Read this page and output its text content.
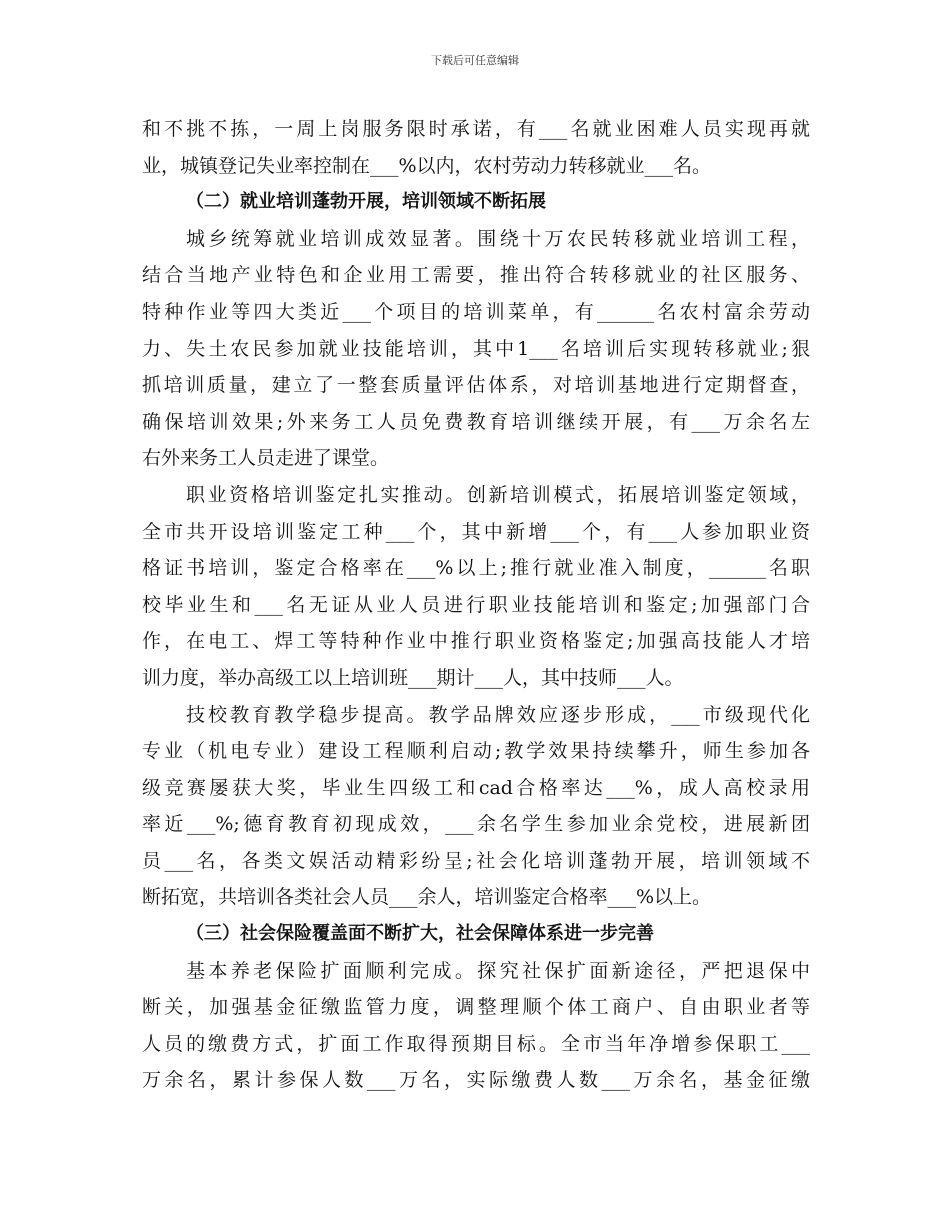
下载后可任意编辑
和不挑不拣，一周上岗服务限时承诺，有___名就业困难人员实现再就
业，城镇登记失业率控制在___%以内，农村劳动力转移就业___名。
（二）就业培训蓬勃开展，培训领域不断拓展
城乡统筹就业培训成效显著。围绕十万农民转移就业培训工程，
结合当地产业特色和企业用工需要，推出符合转移就业的社区服务、
特种作业等四大类近___个项目的培训菜单，有______名农村富余劳动
力、失土农民参加就业技能培训，其中1___名培训后实现转移就业;狠
抓培训质量，建立了一整套质量评估体系，对培训基地进行定期督查，
确保培训效果;外来务工人员免费教育培训继续开展，有___万余名左
右外来务工人员走进了课堂。
职业资格培训鉴定扎实推动。创新培训模式，拓展培训鉴定领域，
全市共开设培训鉴定工种___个，其中新增___个，有___人参加职业资
格证书培训，鉴定合格率在___%以上;推行就业准入制度，______名职
校毕业生和___名无证从业人员进行职业技能培训和鉴定;加强部门合
作，在电工、焊工等特种作业中推行职业资格鉴定;加强高技能人才培
训力度，举办高级工以上培训班___期计___人，其中技师___人。
技校教育教学稳步提高。教学品牌效应逐步形成，___市级现代化
专业（机电专业）建设工程顺利启动;教学效果持续攀升，师生参加各
级竞赛屡获大奖，毕业生四级工和cad合格率达___%，成人高校录用
率近___%;德育教育初现成效，___余名学生参加业余党校，进展新团
员___名，各类文娱活动精彩纷呈;社会化培训蓬勃开展，培训领域不
断拓宽，共培训各类社会人员___余人，培训鉴定合格率___%以上。
（三）社会保险覆盖面不断扩大，社会保障体系进一步完善
基本养老保险扩面顺利完成。探究社保扩面新途径，严把退保中
断关，加强基金征缴监管力度，调整理顺个体工商户、自由职业者等
人员的缴费方式，扩面工作取得预期目标。全市当年净增参保职工___
万余名，累计参保人数___万名，实际缴费人数___万余名，基金征缴
